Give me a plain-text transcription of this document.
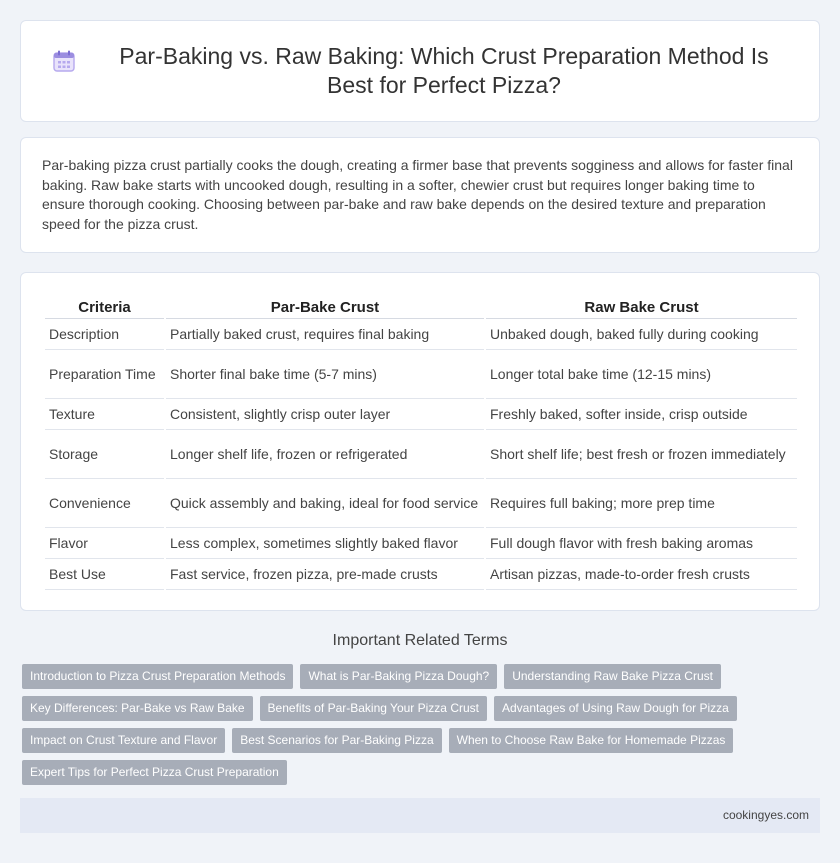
Par-Baking vs. Raw Baking: Which Crust Preparation Method Is Best for Perfect Pizza?

Par-baking pizza crust partially cooks the dough, creating a firmer base that prevents sogginess and allows for faster final baking. Raw bake starts with uncooked dough, resulting in a softer, chewier crust but requires longer baking time to ensure thorough cooking. Choosing between par-bake and raw bake depends on the desired texture and preparation speed for the pizza crust.

Criteria	Par-Bake Crust	Raw Bake Crust
Description	Partially baked crust, requires final baking	Unbaked dough, baked fully during cooking
Preparation Time	Shorter final bake time (5-7 mins)	Longer total bake time (12-15 mins)
Texture	Consistent, slightly crisp outer layer	Freshly baked, softer inside, crisp outside
Storage	Longer shelf life, frozen or refrigerated	Short shelf life; best fresh or frozen immediately
Convenience	Quick assembly and baking, ideal for food service	Requires full baking; more prep time
Flavor	Less complex, sometimes slightly baked flavor	Full dough flavor with fresh baking aromas
Best Use	Fast service, frozen pizza, pre-made crusts	Artisan pizzas, made-to-order fresh crusts
Important Related Terms
Introduction to Pizza Crust Preparation Methods	What is Par-Baking Pizza Dough?	Understanding Raw Bake Pizza Crust
Key Differences: Par-Bake vs Raw Bake	Benefits of Par-Baking Your Pizza Crust	Advantages of Using Raw Dough for Pizza
Impact on Crust Texture and Flavor	Best Scenarios for Par-Baking Pizza	When to Choose Raw Bake for Homemade Pizzas
Expert Tips for Perfect Pizza Crust Preparation
cookingyes.com
